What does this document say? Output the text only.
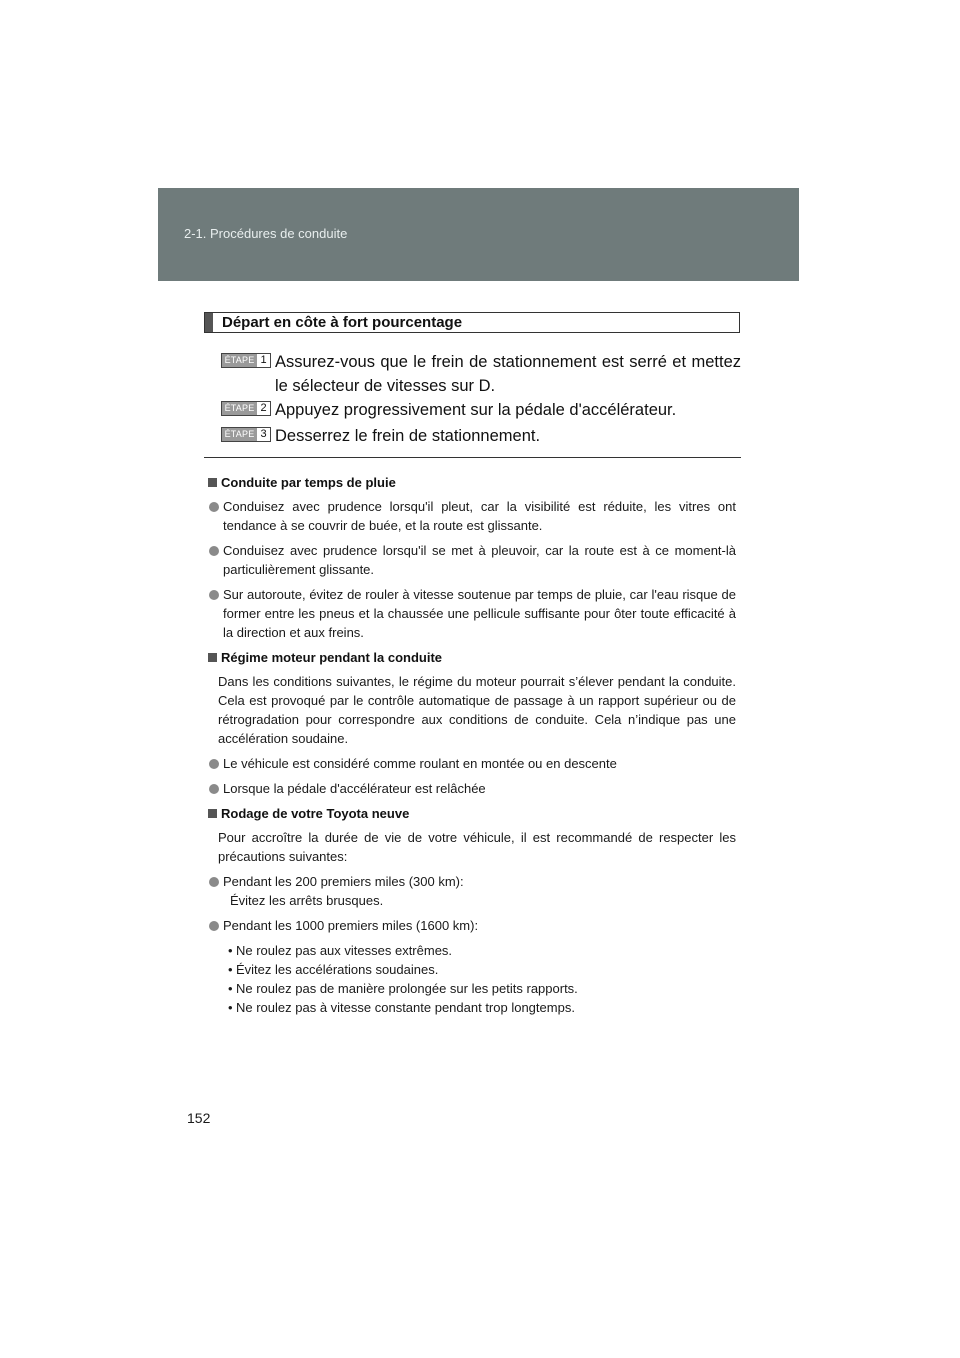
2-1. Procédures de conduite
Départ en côte à fort pourcentage
ÉTAPE 1 Assurez-vous que le frein de stationnement est serré et mettez le sélecteur de vitesses sur D.
ÉTAPE 2 Appuyez progressivement sur la pédale d'accélérateur.
ÉTAPE 3 Desserrez le frein de stationnement.
Conduite par temps de pluie
Conduisez avec prudence lorsqu'il pleut, car la visibilité est réduite, les vitres ont tendance à se couvrir de buée, et la route est glissante.
Conduisez avec prudence lorsqu'il se met à pleuvoir, car la route est à ce moment-là particulièrement glissante.
Sur autoroute, évitez de rouler à vitesse soutenue par temps de pluie, car l'eau risque de former entre les pneus et la chaussée une pellicule suffisante pour ôter toute efficacité à la direction et aux freins.
Régime moteur pendant la conduite
Dans les conditions suivantes, le régime du moteur pourrait s’élever pendant la conduite. Cela est provoqué par le contrôle automatique de passage à un rapport supérieur ou de rétrogradation pour correspondre aux conditions de conduite. Cela n’indique pas une accélération soudaine.
Le véhicule est considéré comme roulant en montée ou en descente
Lorsque la pédale d'accélérateur est relâchée
Rodage de votre Toyota neuve
Pour accroître la durée de vie de votre véhicule, il est recommandé de respecter les précautions suivantes:
Pendant les 200 premiers miles (300 km):
Évitez les arrêts brusques.
Pendant les 1000 premiers miles (1600 km):
• Ne roulez pas aux vitesses extrêmes.
• Évitez les accélérations soudaines.
• Ne roulez pas de manière prolongée sur les petits rapports.
• Ne roulez pas à vitesse constante pendant trop longtemps.
152
